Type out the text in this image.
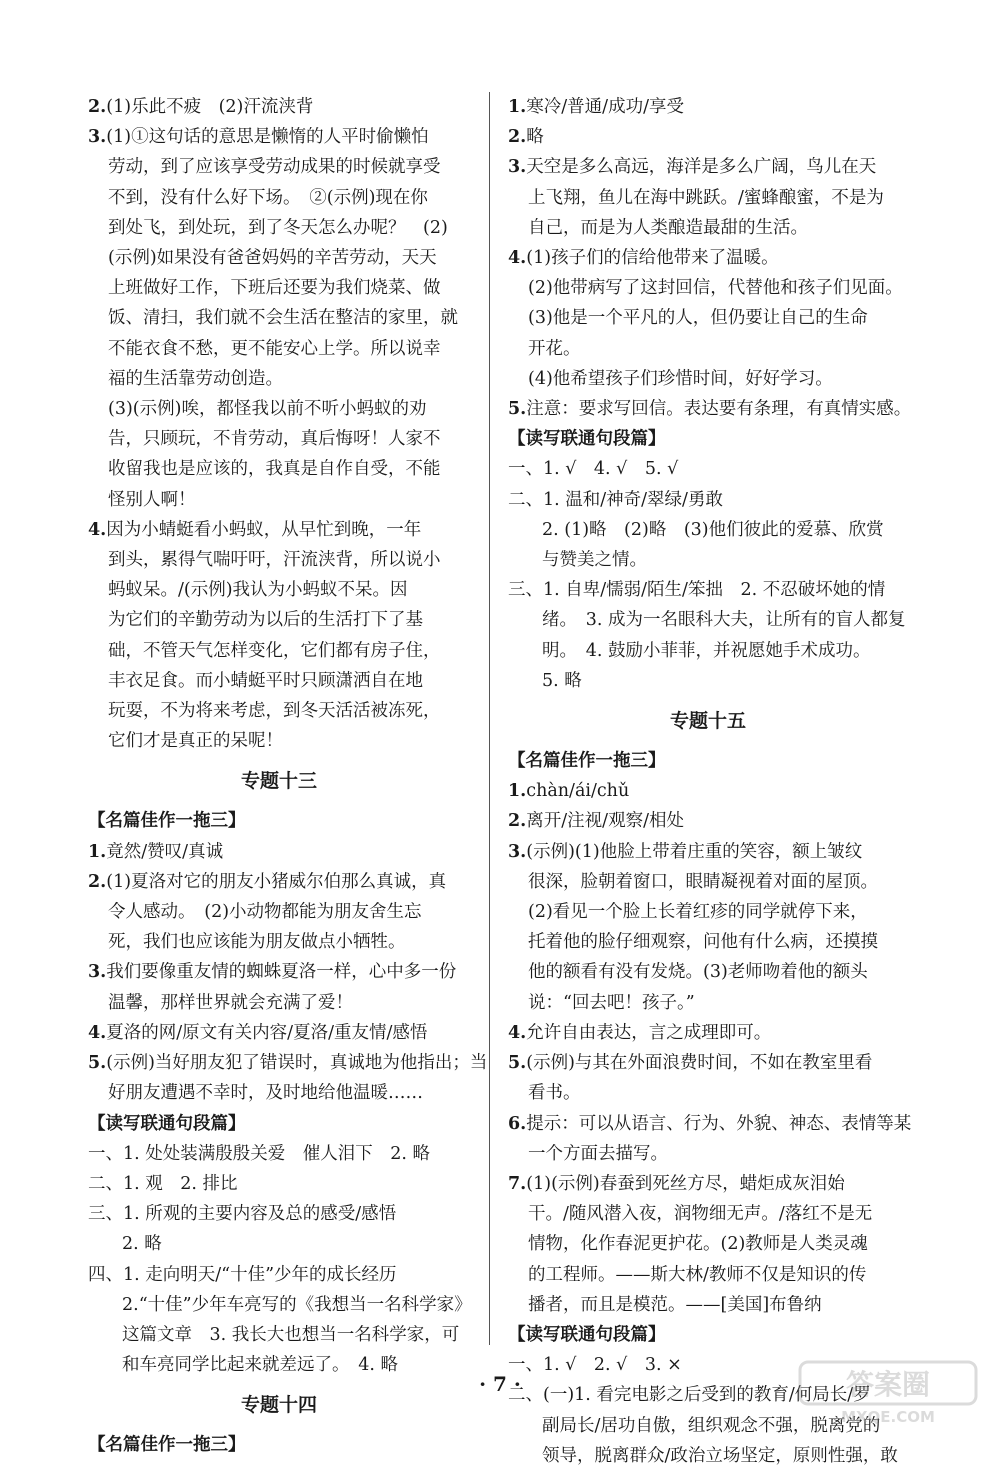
2.(1)乐此不疲　(2)汗流浃背
3.(1)①这句话的意思是懒惰的人平时偷懒怕
劳动，到了应该享受劳动成果的时候就享受
不到，没有什么好下场。　②(示例)现在你
到处飞，到处玩，到了冬天怎么办呢？　(2)
(示例)如果没有爸爸妈妈的辛苦劳动，天天
上班做好工作，下班后还要为我们烧菜、做
饭、清扫，我们就不会生活在整洁的家里，就
不能衣食不愁，更不能安心上学。所以说幸
福的生活靠劳动创造。
(3)(示例)唉，都怪我以前不听小蚂蚁的劝
告，只顾玩，不肯劳动，真后悔呀！人家不
收留我也是应该的，我真是自作自受，不能
怪别人啊！
4.因为小蜻蜓看小蚂蚁，从早忙到晚，一年
到头，累得气喘吁吁，汗流浃背，所以说小
蚂蚁呆。/(示例)我认为小蚂蚁不呆。因
为它们的辛勤劳动为以后的生活打下了基
础，不管天气怎样变化，它们都有房子住，
丰衣足食。而小蜻蜓平时只顾潇洒自在地
玩耍，不为将来考虑，到冬天活活被冻死，
它们才是真正的呆呢！
专题十三
【名篇佳作一拖三】
1.竟然/赞叹/真诚
2.(1)夏洛对它的朋友小猪威尔伯那么真诚，真
令人感动。　(2)小动物都能为朋友舍生忘
死，我们也应该能为朋友做点小牺牲。
3.我们要像重友情的蜘蛛夏洛一样，心中多一份
温馨，那样世界就会充满了爱！
4.夏洛的网/原文有关内容/夏洛/重友情/感悟
5.(示例)当好朋友犯了错误时，真诚地为他指出；当
好朋友遭遇不幸时，及时地给他温暖……
【读写联通句段篇】
一、1. 处处装满殷殷关爱　催人泪下　2. 略
二、1. 观　2. 排比
三、1. 所观的主要内容及总的感受/感悟
2. 略
四、1. 走向明天/“十佳”少年的成长经历
2.“十佳”少年车亮写的《我想当一名科学家》
这篇文章　3. 我长大也想当一名科学家，可
和车亮同学比起来就差远了。　4. 略
专题十四
【名篇佳作一拖三】
1.寒冷/普通/成功/享受
2.略
3.天空是多么高远，海洋是多么广阔，鸟儿在天
上飞翔，鱼儿在海中跳跃。/蜜蜂酿蜜，不是为
自己，而是为人类酿造最甜的生活。
4.(1)孩子们的信给他带来了温暖。
(2)他带病写了这封回信，代替他和孩子们见面。
(3)他是一个平凡的人，但仍要让自己的生命
开花。
(4)他希望孩子们珍惜时间，好好学习。
5.注意：要求写回信。表达要有条理，有真情实感。
【读写联通句段篇】
一、1. √　4. √　5. √
二、1. 温和/神奇/翠绿/勇敢
2. (1)略　(2)略　(3)他们彼此的爱慕、欣赏
与赞美之情。
三、1. 自卑/懦弱/陌生/笨拙　2. 不忍破坏她的情
绪。　3. 成为一名眼科大夫，让所有的盲人都复
明。　4. 鼓励小菲菲，并祝愿她手术成功。
5. 略
专题十五
【名篇佳作一拖三】
1.chàn/ái/chǔ
2.离开/注视/观察/相处
3.(示例)(1)他脸上带着庄重的笑容，额上皱纹
很深，脸朝着窗口，眼睛凝视着对面的屋顶。
(2)看见一个脸上长着红疹的同学就停下来，
托着他的脸仔细观察，问他有什么病，还摸摸
他的额看有没有发烧。(3)老师吻着他的额头
说：“回去吧！孩子。”
4.允许自由表达，言之成理即可。
5.(示例)与其在外面浪费时间，不如在教室里看
看书。
6.提示：可以从语言、行为、外貌、神态、表情等某
一个方面去描写。
7.(1)(示例)春蚕到死丝方尽，蜡炬成灰泪始
干。/随风潜入夜，润物细无声。/落红不是无
情物，化作春泥更护花。(2)教师是人类灵魂
的工程师。——斯大林/教师不仅是知识的传
播者，而且是模范。——[美国]布鲁纳
【读写联通句段篇】
一、1. √　2. √　3. ×
二、(一)1. 看完电影之后受到的教育/何局长/罗
副局长/居功自傲，组织观念不强，脱离党的
领导，脱离群众/政治立场坚定，原则性强，敢
· 7 ·	答案圈
MXQE.COM
